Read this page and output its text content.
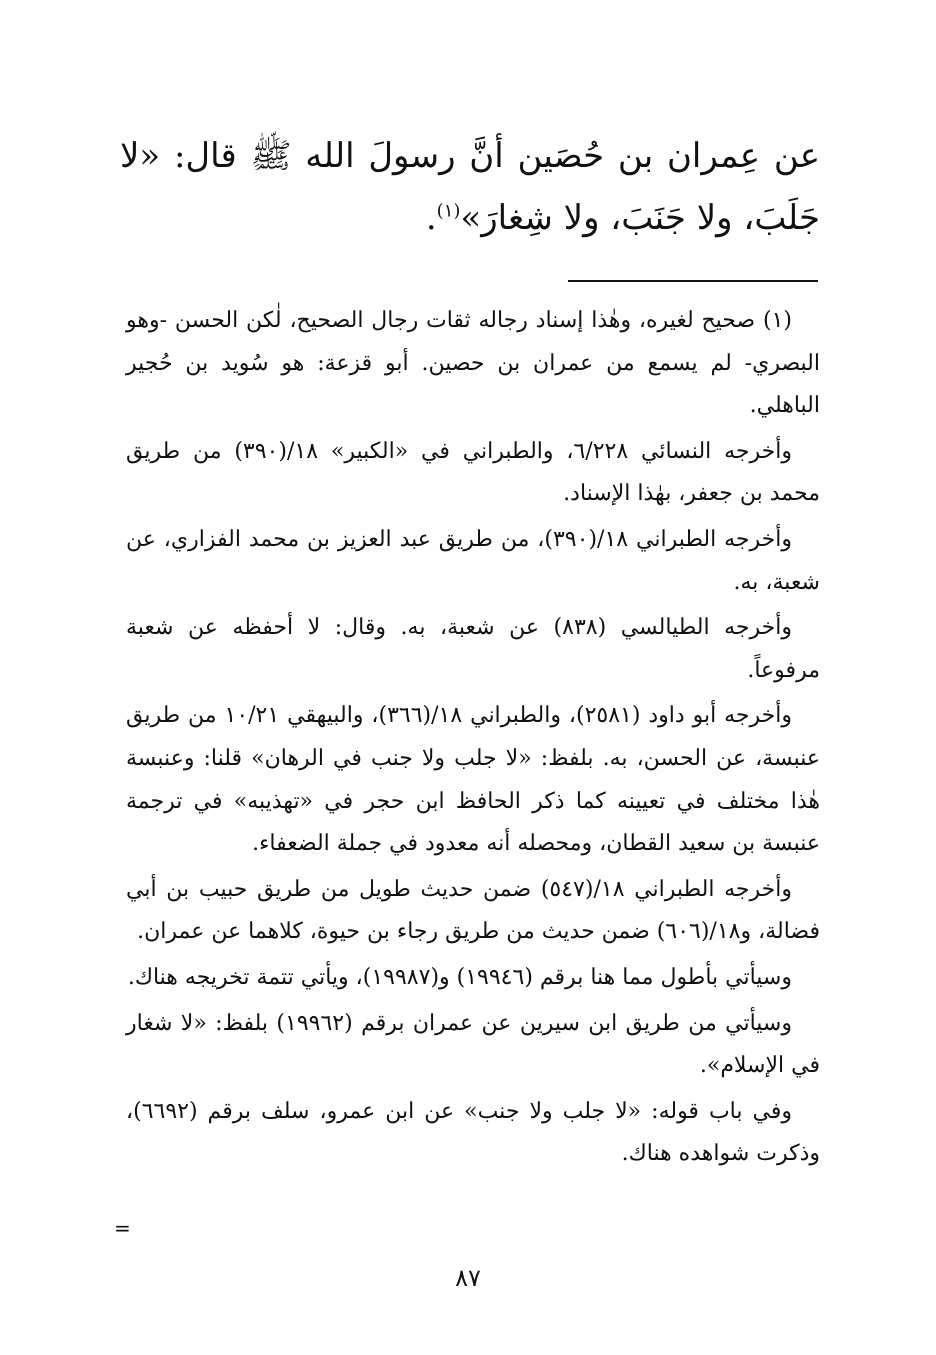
عن عِمران بن حُصَين أنَّ رسولَ الله ﷺ قال: «لا جَلَبَ، ولا جَنَبَ، ولا شِغارَ»$^{(١)}$.

(١) صحيح لغيره، وهٰذا إسناد رجاله ثقات رجال الصحيح، لٰكن الحسن -وهو البصري- لم يسمع من عمران بن حصين. أبو قزعة: هو سُويد بن حُجير الباهلي.

وأخرجه النسائي ٦/٢٢٨، والطبراني في «الكبير» ١٨/(٣٩٠) من طريق محمد بن جعفر، بهٰذا الإسناد.

وأخرجه الطبراني ١٨/(٣٩٠)، من طريق عبد العزيز بن محمد الفزاري، عن شعبة، به.

وأخرجه الطيالسي (٨٣٨) عن شعبة، به. وقال: لا أحفظه عن شعبة مرفوعاً.

وأخرجه أبو داود (٢٥٨١)، والطبراني ١٨/(٣٦٦)، والبيهقي ١٠/٢١ من طريق عنبسة، عن الحسن، به. بلفظ: «لا جلب ولا جنب في الرهان» قلنا: وعنبسة هٰذا مختلف في تعيينه كما ذكر الحافظ ابن حجر في «تهذيبه» في ترجمة عنبسة بن سعيد القطان، ومحصله أنه معدود في جملة الضعفاء.

وأخرجه الطبراني ١٨/(٥٤٧) ضمن حديث طويل من طريق حبيب بن أبي فضالة، و١٨/(٦٠٦) ضمن حديث من طريق رجاء بن حيوة، كلاهما عن عمران.

وسيأتي بأطول مما هنا برقم (١٩٩٤٦) و(١٩٩٨٧)، ويأتي تتمة تخريجه هناك.

وسيأتي من طريق ابن سيرين عن عمران برقم (١٩٩٦٢) بلفظ: «لا شغار في الإسلام».

وفي باب قوله: «لا جلب ولا جنب» عن ابن عمرو، سلف برقم (٦٦٩٢)، وذكرت شواهده هناك.

=
٨٧
